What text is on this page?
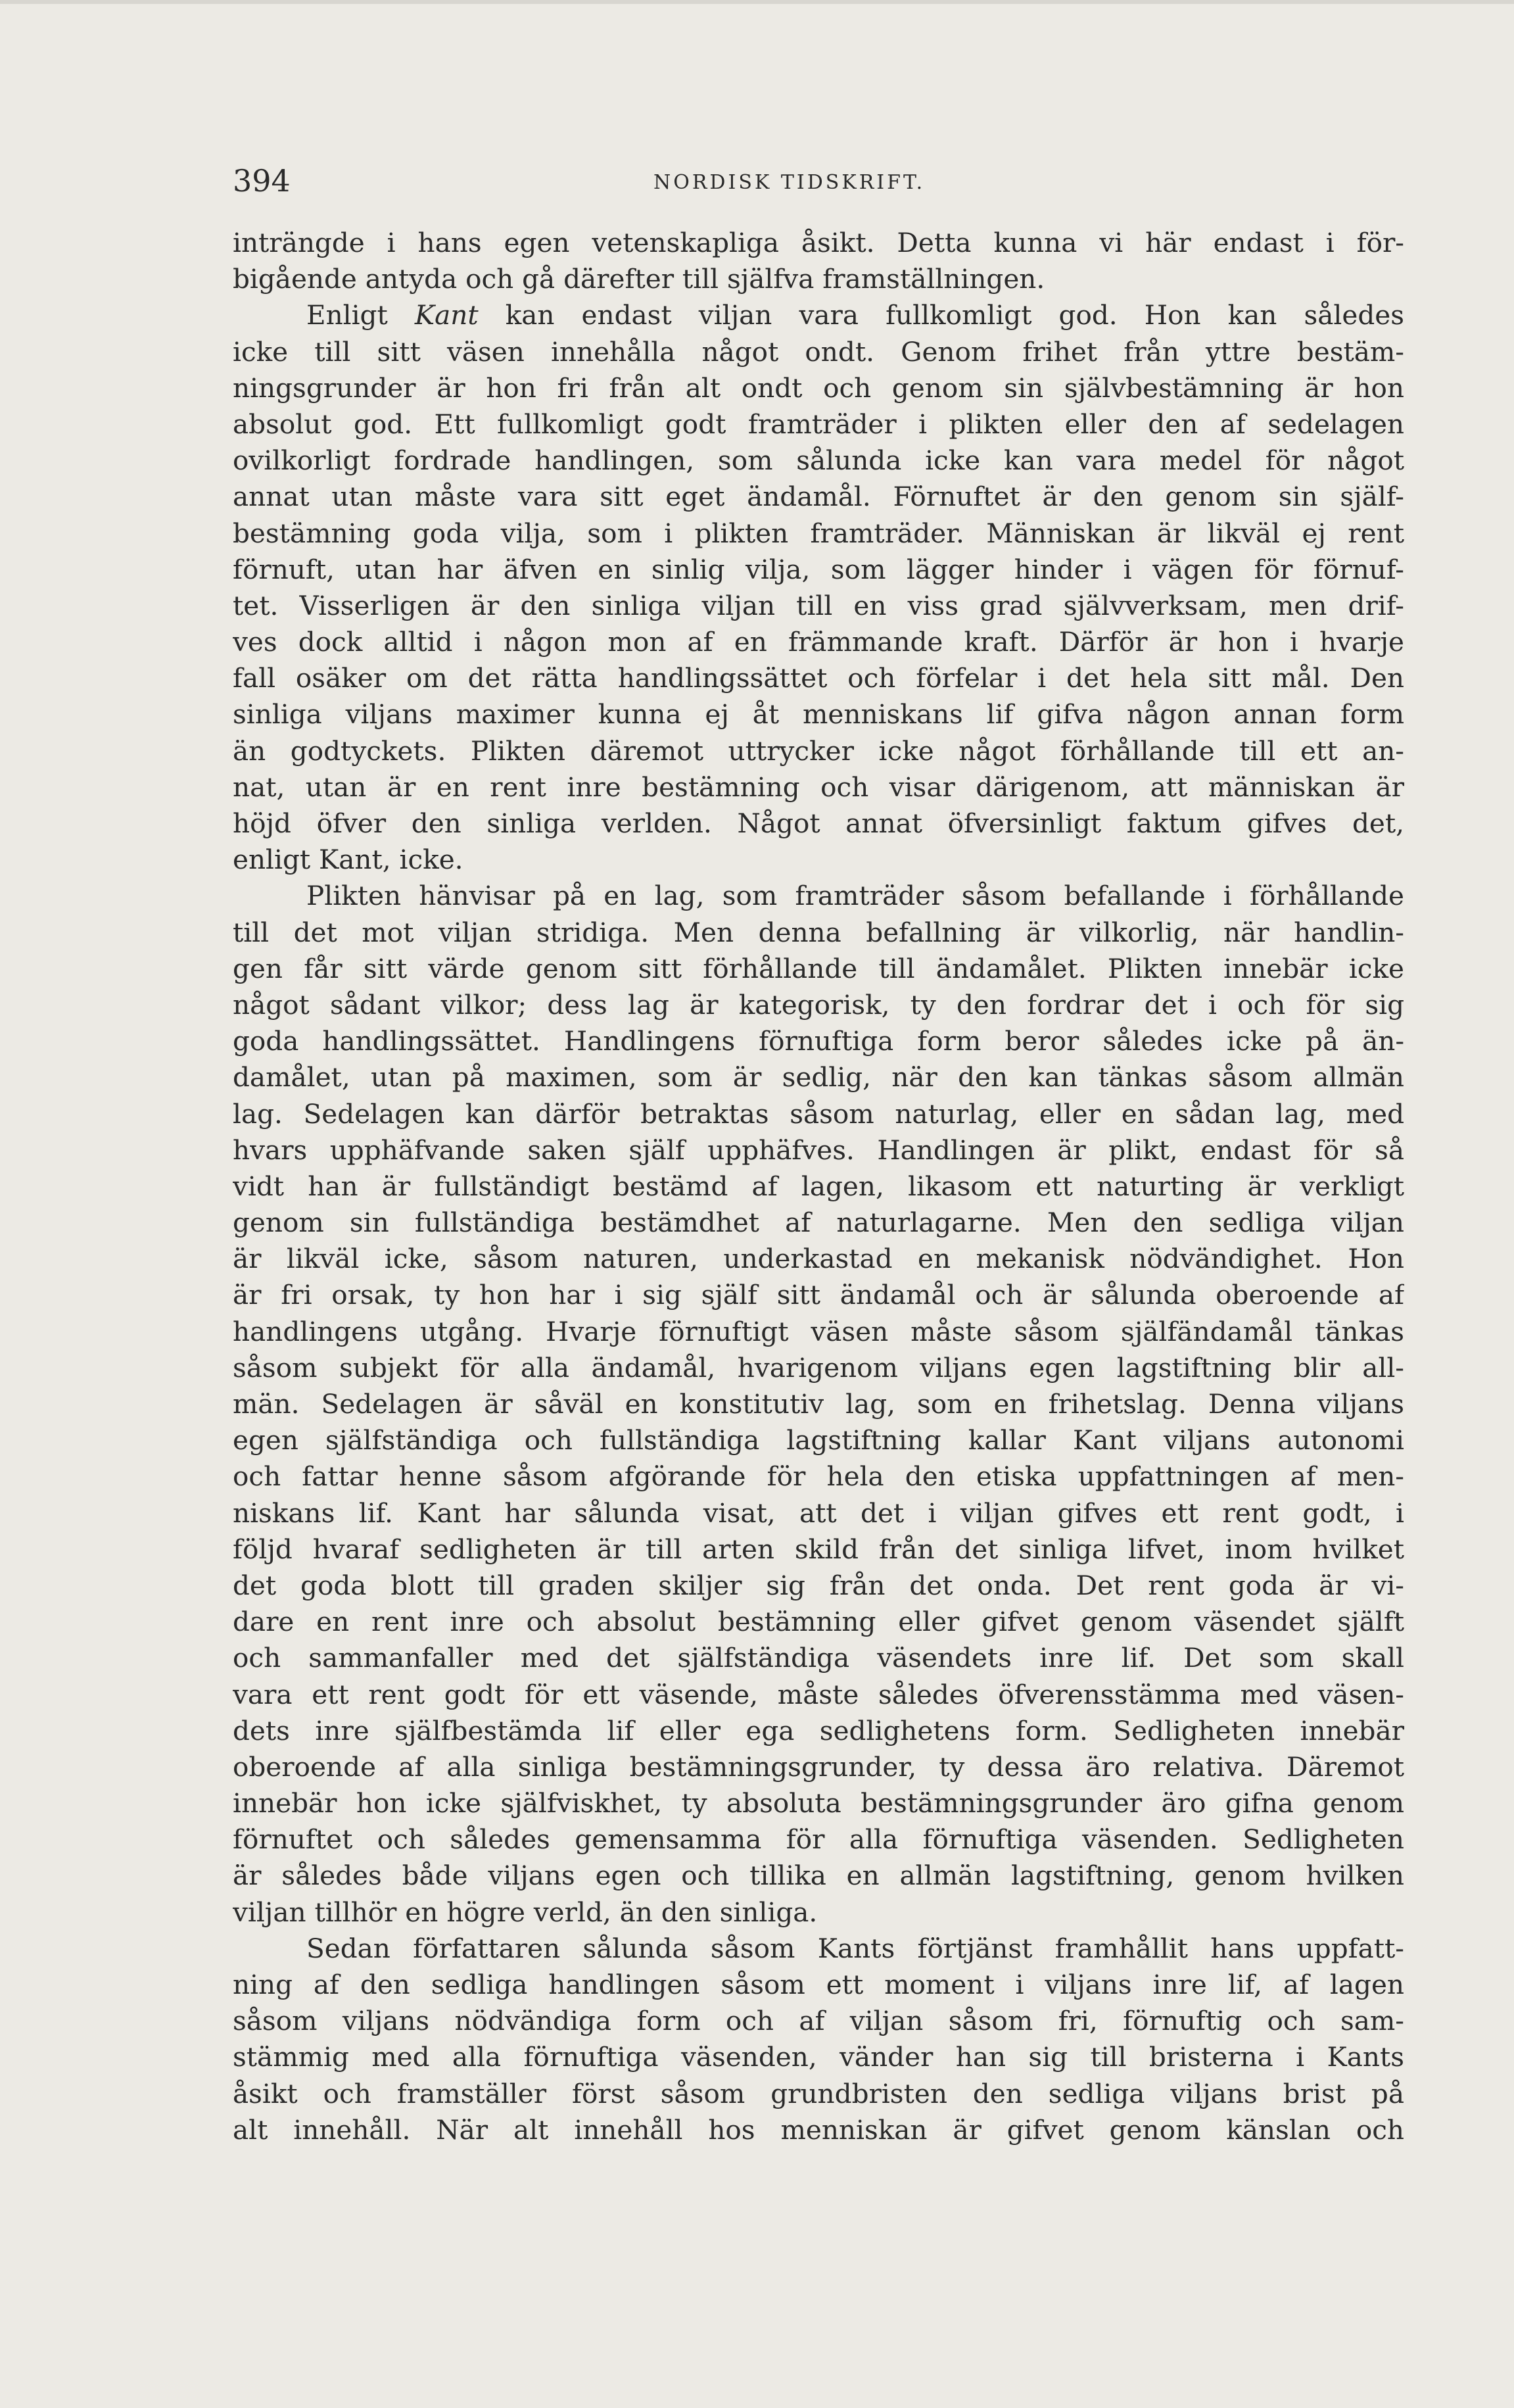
394	NORDISK TIDSKRIFT.
inträngde i hans egen vetenskapliga åsikt. Detta kunna vi här endast i för-
bigående antyda och gå därefter till själfva framställningen.
Enligt Kant kan endast viljan vara fullkomligt god. Hon kan således
icke till sitt väsen innehålla något ondt. Genom frihet från yttre bestäm-
ningsgrunder är hon fri från alt ondt och genom sin självbestämning är hon
absolut god. Ett fullkomligt godt framträder i plikten eller den af sedelagen
ovilkorligt fordrade handlingen, som sålunda icke kan vara medel för något
annat utan måste vara sitt eget ändamål. Förnuftet är den genom sin själf-
bestämning goda vilja, som i plikten framträder. Människan är likväl ej rent
förnuft, utan har äfven en sinlig vilja, som lägger hinder i vägen för förnuf-
tet. Visserligen är den sinliga viljan till en viss grad självverksam, men drif-
ves dock alltid i någon mon af en främmande kraft. Därför är hon i hvarje
fall osäker om det rätta handlingssättet och förfelar i det hela sitt mål. Den
sinliga viljans maximer kunna ej åt menniskans lif gifva någon annan form
än godtyckets. Plikten däremot uttrycker icke något förhållande till ett an-
nat, utan är en rent inre bestämning och visar därigenom, att människan är
höjd öfver den sinliga verlden. Något annat öfversinligt faktum gifves det,
enligt Kant, icke.
Plikten hänvisar på en lag, som framträder såsom befallande i förhållande
till det mot viljan stridiga. Men denna befallning är vilkorlig, när handlin-
gen får sitt värde genom sitt förhållande till ändamålet. Plikten innebär icke
något sådant vilkor; dess lag är kategorisk, ty den fordrar det i och för sig
goda handlingssättet. Handlingens förnuftiga form beror således icke på än-
damålet, utan på maximen, som är sedlig, när den kan tänkas såsom allmän
lag. Sedelagen kan därför betraktas såsom naturlag, eller en sådan lag, med
hvars upphäfvande saken själf upphäfves. Handlingen är plikt, endast för så
vidt han är fullständigt bestämd af lagen, likasom ett naturting är verkligt
genom sin fullständiga bestämdhet af naturlagarne. Men den sedliga viljan
är likväl icke, såsom naturen, underkastad en mekanisk nödvändighet. Hon
är fri orsak, ty hon har i sig själf sitt ändamål och är sålunda oberoende af
handlingens utgång. Hvarje förnuftigt väsen måste såsom själfändamål tänkas
såsom subjekt för alla ändamål, hvarigenom viljans egen lagstiftning blir all-
män. Sedelagen är såväl en konstitutiv lag, som en frihetslag. Denna viljans
egen själfständiga och fullständiga lagstiftning kallar Kant viljans autonomi
och fattar henne såsom afgörande för hela den etiska uppfattningen af men-
niskans lif. Kant har sålunda visat, att det i viljan gifves ett rent godt, i
följd hvaraf sedligheten är till arten skild från det sinliga lifvet, inom hvilket
det goda blott till graden skiljer sig från det onda. Det rent goda är vi-
dare en rent inre och absolut bestämning eller gifvet genom väsendet själft
och sammanfaller med det själfständiga väsendets inre lif. Det som skall
vara ett rent godt för ett väsende, måste således öfverensstämma med väsen-
dets inre själfbestämda lif eller ega sedlighetens form. Sedligheten innebär
oberoende af alla sinliga bestämningsgrunder, ty dessa äro relativa. Däremot
innebär hon icke själfviskhet, ty absoluta bestämningsgrunder äro gifna genom
förnuftet och således gemensamma för alla förnuftiga väsenden. Sedligheten
är således både viljans egen och tillika en allmän lagstiftning, genom hvilken
viljan tillhör en högre verld, än den sinliga.
Sedan författaren sålunda såsom Kants förtjänst framhållit hans uppfatt-
ning af den sedliga handlingen såsom ett moment i viljans inre lif, af lagen
såsom viljans nödvändiga form och af viljan såsom fri, förnuftig och sam-
stämmig med alla förnuftiga väsenden, vänder han sig till bristerna i Kants
åsikt och framställer först såsom grundbristen den sedliga viljans brist på
alt innehåll. När alt innehåll hos menniskan är gifvet genom känslan och
